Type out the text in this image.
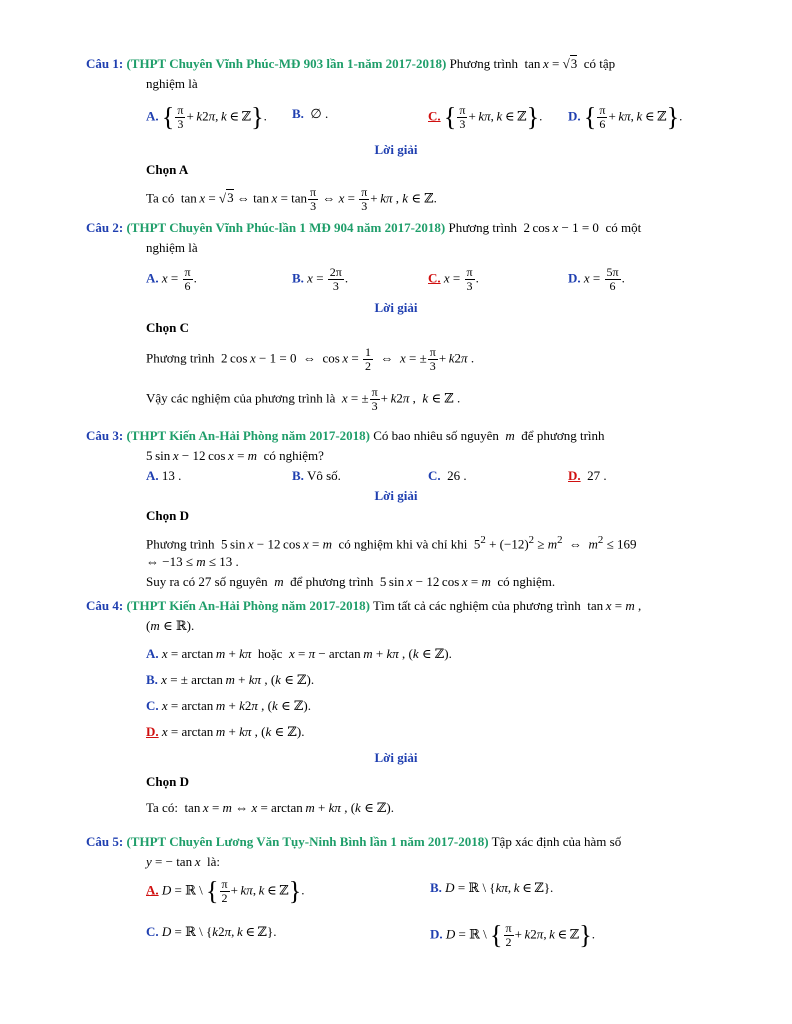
Câu 1: (THPT Chuyên Vĩnh Phúc-MĐ 903 lần 1-năm 2017-2018) Phương trình  tan x = √3 có tập
nghiệm là
A. { $\frac{\pi}{3} + k2\pi$, k ∈ ℤ}. B.  ∅ .	C. { $\frac{\pi}{3} + k\pi$, k ∈ ℤ}. D. { $\frac{\pi}{6} + k\pi$, k ∈ ℤ}.
Lời giải
Chọn A
Ta có  tan x = √3 ⇔ $\tan x = \tan \frac{\pi}{3}$ ⇔ $x = \frac{\pi}{3} + k\pi$ , k ∈ ℤ.
Câu 2: (THPT Chuyên Vĩnh Phúc-lần 1 MĐ 904 năm 2017-2018) Phương trình  2 cos x − 1 = 0  có một
nghiệm là
A. $x = \frac{\pi}{6}$ .	B. $x = \frac{2\pi}{3}$ .	C. $x = \frac{\pi}{3}$ .	D. $x = \frac{5\pi}{6}$ .
Lời giải
Chọn C
Phương trình  2 cos x − 1 = 0  ⇔  $\cos x = \frac{1}{2}$ ⇔  x = ± $\frac{\pi}{3} + k2\pi$ .
Vậy các nghiệm của phương trình là x = ± $\frac{\pi}{3} + k2\pi$ ,  k ∈ ℤ .
Câu 3: (THPT Kiến An-Hải Phòng năm 2017-2018) Có bao nhiêu số nguyên m để phương trình
5 sin x − 12 cos x = m có nghiệm?
A. 13 .	B. Vô số.	C. 26 .	D. 27 .
Lời giải
Chọn D
Phương trình  5 sin x − 12 cos x = m có nghiệm khi và chỉ khi  $5^2 + (-12)^2 \ge m^2$  ⇔  $m^2 \le 169$
⇔ −13 ≤ m ≤ 13 .
Suy ra có 27 số nguyên m để phương trình  5 sin x − 12 cos x = m có nghiệm.
Câu 4: (THPT Kiến An-Hải Phòng năm 2017-2018) Tìm tất cả các nghiệm của phương trình  tan x = m ,
(m ∈ ℝ).
A. x = arctan m + kπ hoặc x = π − arctan m + kπ , (k ∈ ℤ).
B. x = ± arctan m + kπ , (k ∈ ℤ).
C. x = arctan m + k2π , (k ∈ ℤ).
D. x = arctan m + kπ , (k ∈ ℤ).
Lời giải
Chọn D
Ta có:  tan x = m ⇔ x = arctan m + kπ , (k ∈ ℤ).
Câu 5: (THPT Chuyên Lương Văn Tụy-Ninh Bình lần 1 năm 2017-2018) Tập xác định của hàm số
y = − tan x là:
A. D = ℝ \ { $\frac{\pi}{2} + k\pi$, k ∈ ℤ}.	B. D = ℝ \ {kπ, k ∈ ℤ}.
C. D = ℝ \ {k2π, k ∈ ℤ}.	D. D = ℝ \ { $\frac{\pi}{2} + k2\pi$, k ∈ ℤ}.
